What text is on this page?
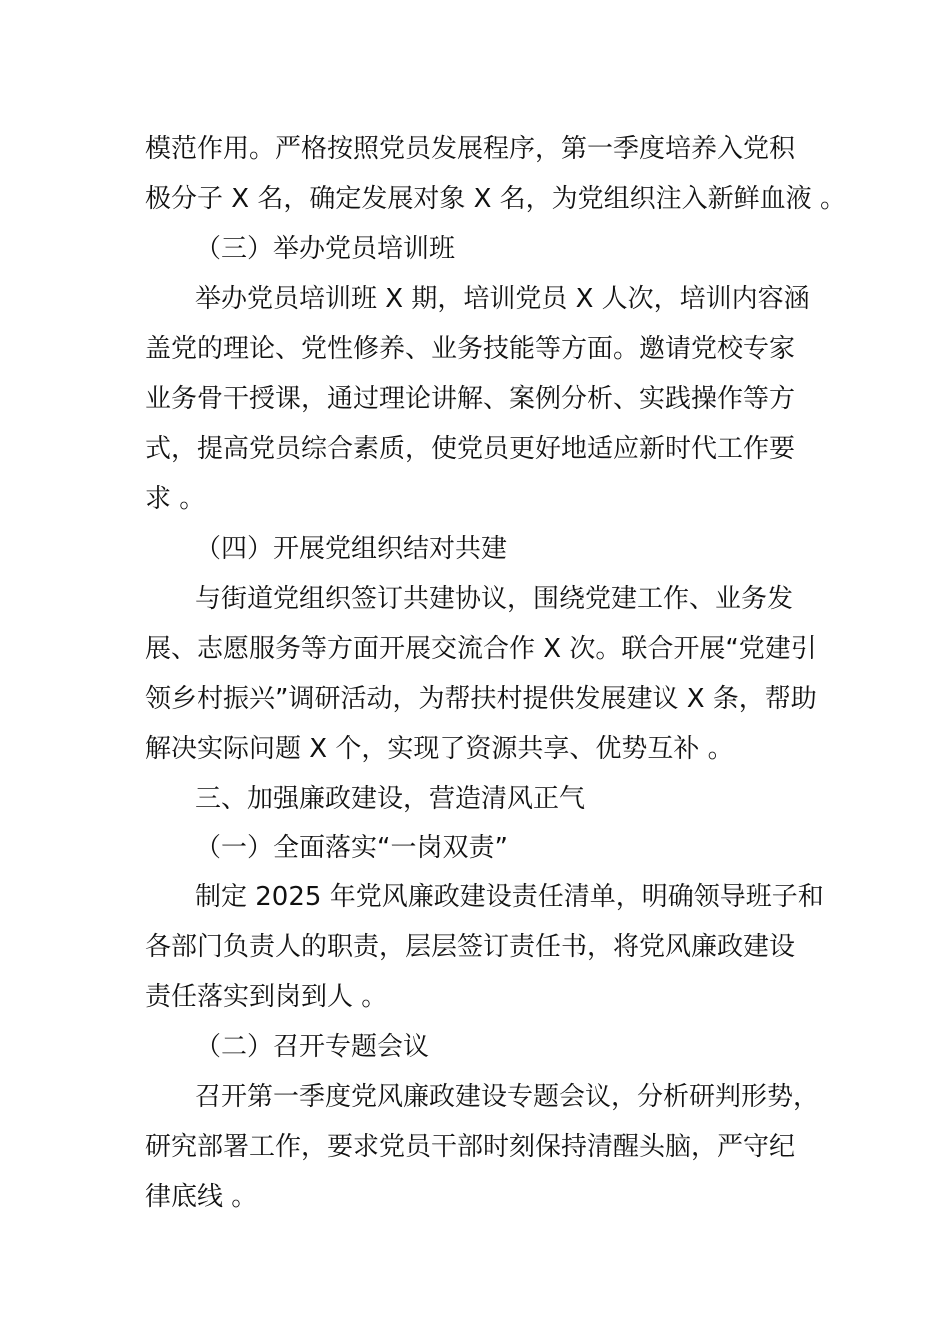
模范作用。严格按照党员发展程序，第一季度培养入党积
极分子 X 名，确定发展对象 X 名，为党组织注入新鲜血液 。
（三）举办党员培训班
举办党员培训班 X 期，培训党员 X 人次，培训内容涵
盖党的理论、党性修养、业务技能等方面。邀请党校专家
业务骨干授课，通过理论讲解、案例分析、实践操作等方
式，提高党员综合素质，使党员更好地适应新时代工作要
求 。
（四）开展党组织结对共建
与街道党组织签订共建协议，围绕党建工作、业务发
展、志愿服务等方面开展交流合作 X 次。联合开展“党建引
领乡村振兴”调研活动，为帮扶村提供发展建议 X 条，帮助
解决实际问题 X 个，实现了资源共享、优势互补 。
三、加强廉政建设，营造清风正气
（一）全面落实“一岗双责”
制定 2025 年党风廉政建设责任清单，明确领导班子和
各部门负责人的职责，层层签订责任书，将党风廉政建设
责任落实到岗到人 。
（二）召开专题会议
召开第一季度党风廉政建设专题会议，分析研判形势，
研究部署工作，要求党员干部时刻保持清醒头脑，严守纪
律底线 。
